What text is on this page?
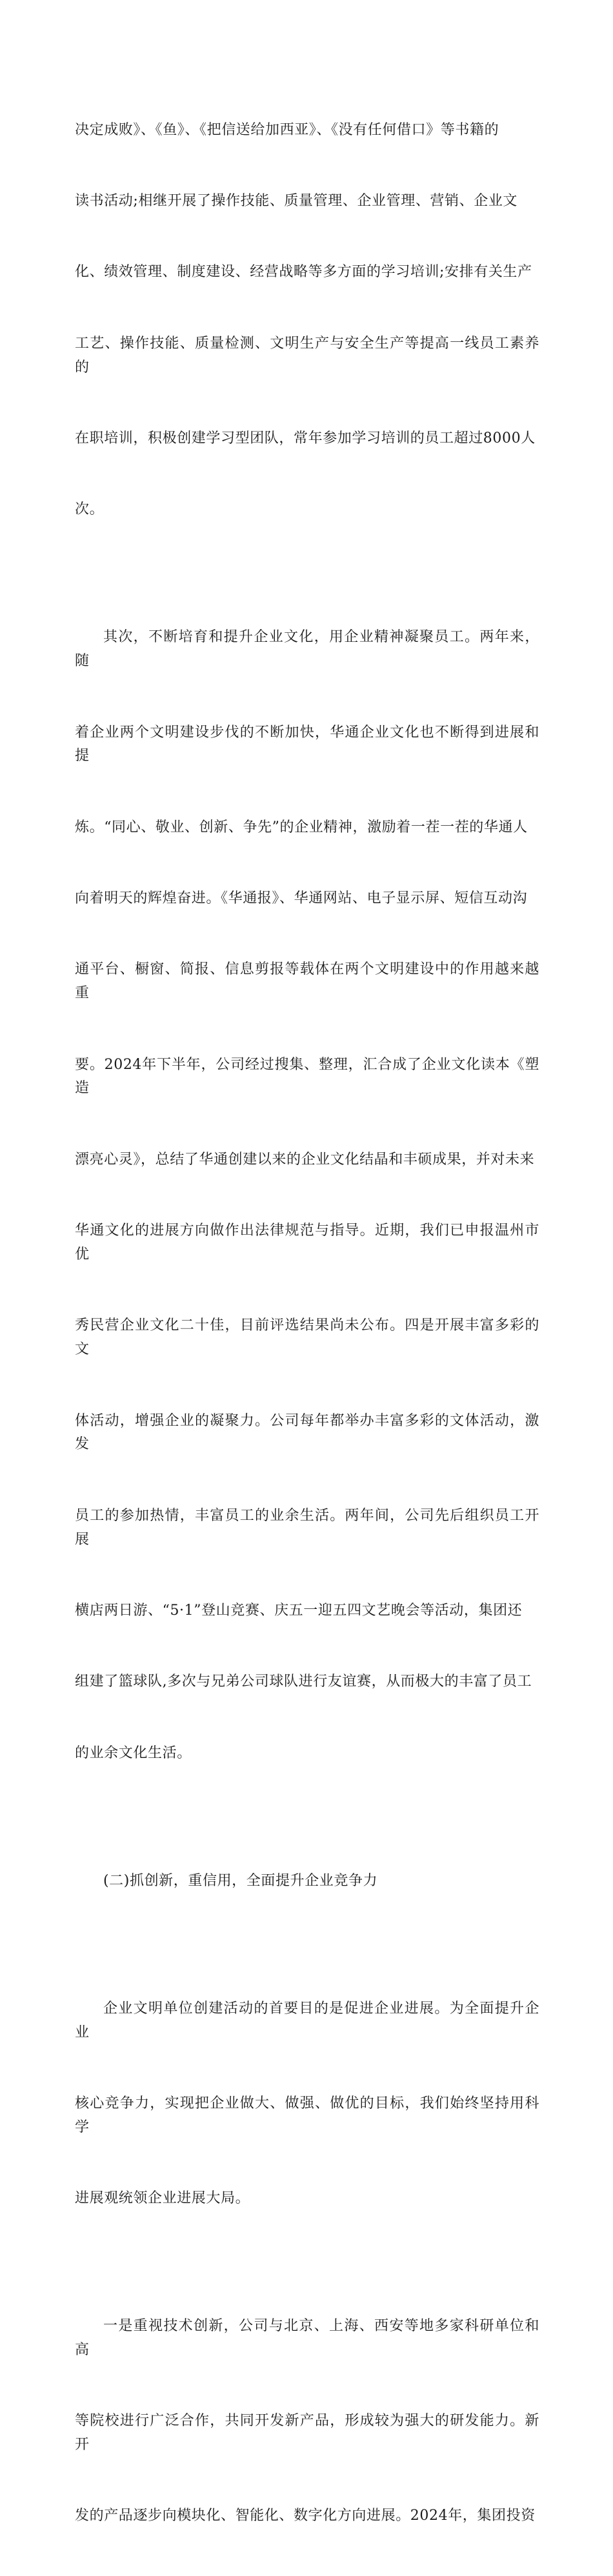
决定成败》、《鱼》、《把信送给加西亚》、《没有任何借口》等书籍的

读书活动;相继开展了操作技能、质量管理、企业管理、营销、企业文

化、绩效管理、制度建设、经营战略等多方面的学习培训;安排有关生产

工艺、操作技能、质量检测、文明生产与安全生产等提高一线员工素养的

在职培训，积极创建学习型团队，常年参加学习培训的员工超过8000人

次。

其次，不断培育和提升企业文化，用企业精神凝聚员工。两年来，随

着企业两个文明建设步伐的不断加快，华通企业文化也不断得到进展和提

炼。“同心、敬业、创新、争先”的企业精神，激励着一茬一茬的华通人

向着明天的辉煌奋进。《华通报》、华通网站、电子显示屏、短信互动沟

通平台、橱窗、简报、信息剪报等载体在两个文明建设中的作用越来越重

要。2024年下半年，公司经过搜集、整理，汇合成了企业文化读本《塑造

漂亮心灵》，总结了华通创建以来的企业文化结晶和丰硕成果，并对未来

华通文化的进展方向做作出法律规范与指导。近期，我们已申报温州市优

秀民营企业文化二十佳，目前评选结果尚未公布。四是开展丰富多彩的文

体活动，增强企业的凝聚力。公司每年都举办丰富多彩的文体活动，激发

员工的参加热情，丰富员工的业余生活。两年间，公司先后组织员工开展

横店两日游、“5·1”登山竞赛、庆五一迎五四文艺晚会等活动，集团还

组建了篮球队,多次与兄弟公司球队进行友谊赛，从而极大的丰富了员工

的业余文化生活。

(二)抓创新，重信用，全面提升企业竞争力

企业文明单位创建活动的首要目的是促进企业进展。为全面提升企业

核心竞争力，实现把企业做大、做强、做优的目标，我们始终坚持用科学

进展观统领企业进展大局。

一是重视技术创新，公司与北京、上海、西安等地多家科研单位和高

等院校进行广泛合作，共同开发新产品，形成较为强大的研发能力。新开

发的产品逐步向模块化、智能化、数字化方向进展。2024年，集团投资
